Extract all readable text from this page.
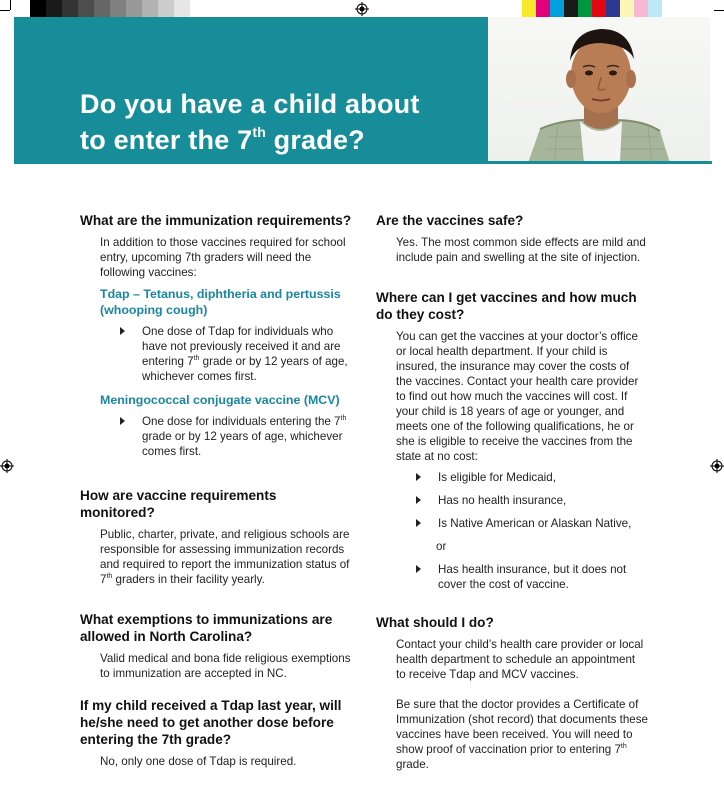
Do you have a child about
to enter the 7th grade?
What are the immunization requirements?

In addition to those vaccines required for school entry, upcoming 7th graders will need the following vaccines:

Tdap – Tetanus, diphtheria and pertussis (whooping cough)
One dose of Tdap for individuals who have not previously received it and are entering 7th grade or by 12 years of age, whichever comes first.
Meningococcal conjugate vaccine (MCV)
One dose for individuals entering the 7th grade or by 12 years of age, whichever comes first.
How are vaccine requirements monitored?

Public, charter, private, and religious schools are responsible for assessing immunization records and required to report the immunization status of 7th graders in their facility yearly.

What exemptions to immunizations are allowed in North Carolina?

Valid medical and bona fide religious exemptions to immunization are accepted in NC.

If my child received a Tdap last year, will he/she need to get another dose before entering the 7th grade?

No, only one dose of Tdap is required.

Are the vaccines safe?

Yes. The most common side effects are mild and include pain and swelling at the site of injection.

Where can I get vaccines and how much do they cost?

You can get the vaccines at your doctor’s office or local health department. If your child is insured, the insurance may cover the costs of the vaccines. Contact your health care provider to find out how much the vaccines will cost. If your child is 18 years of age or younger, and meets one of the following qualifications, he or she is eligible to receive the vaccines from the state at no cost:

Is eligible for Medicaid,
Has no health insurance,
Is Native American or Alaskan Native,
or
Has health insurance, but it does not cover the cost of vaccine.
What should I do?

Contact your child’s health care provider or local health department to schedule an appointment to receive Tdap and MCV vaccines.

Be sure that the doctor provides a Certificate of Immunization (shot record) that documents these vaccines have been received. You will need to show proof of vaccination prior to entering 7th grade.
